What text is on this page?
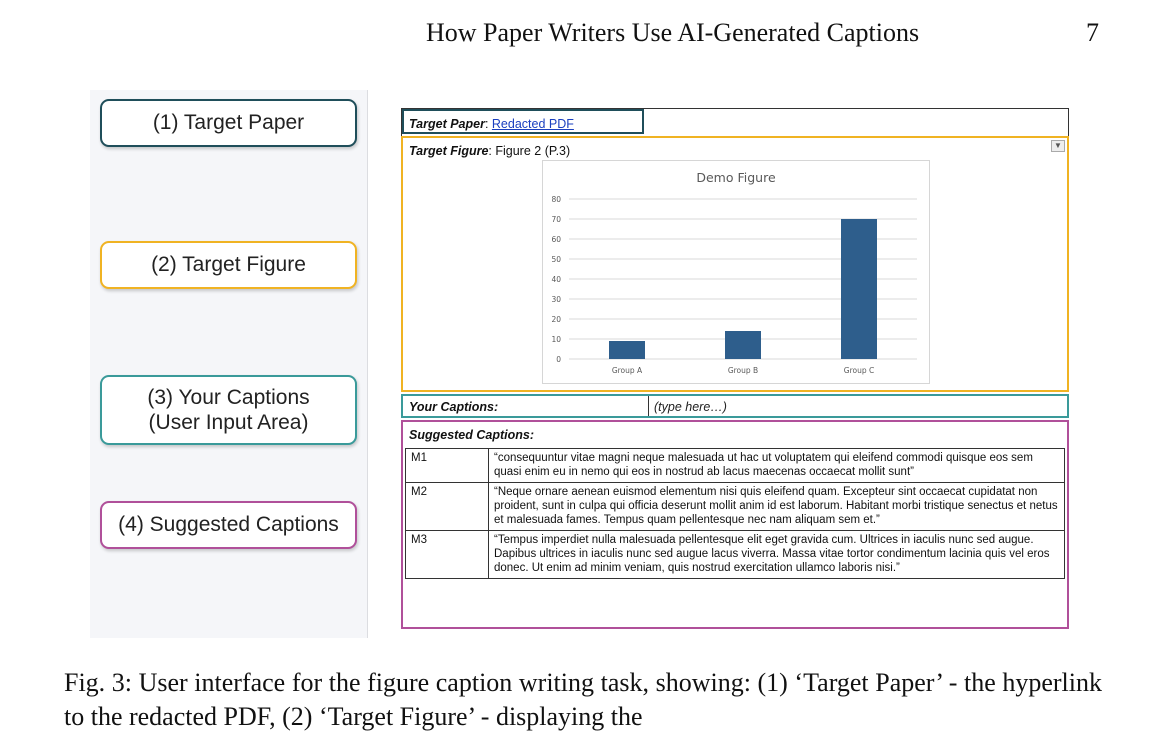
How Paper Writers Use AI-Generated Captions	7
(1) Target Paper
(2) Target Figure
(3) Your Captions
(User Input Area)
(4) Suggested Captions
Target Paper: Redacted PDF
Target Figure: Figure 2 (P.3)	▼
Demo Figure
0
10
20
30
40
50
60
70
80
Group A	Group B	Group C
Your Captions:
(type here…)
Suggested Captions:
M1	“consequuntur vitae magni neque malesuada ut hac ut voluptatem qui eleifend commodi quisque eos sem quasi enim eu in nemo qui eos in nostrud ab lacus maecenas occaecat mollit sunt”
M2	“Neque ornare aenean euismod elementum nisi quis eleifend quam. Excepteur sint occaecat cupidatat non proident, sunt in culpa qui officia deserunt mollit anim id est laborum. Habitant morbi tristique senectus et netus et malesuada fames. Tempus quam pellentesque nec nam aliquam sem et.”
M3	“Tempus imperdiet nulla malesuada pellentesque elit eget gravida cum. Ultrices in iaculis nunc sed augue. Dapibus ultrices in iaculis nunc sed augue lacus viverra. Massa vitae tortor condimentum lacinia quis vel eros donec. Ut enim ad minim veniam, quis nostrud exercitation ullamco laboris nisi.”
Fig. 3: User interface for the figure caption writing task, showing: (1) ‘Target Paper’ - the hyperlink to the redacted PDF, (2) ‘Target Figure’ - displaying the
